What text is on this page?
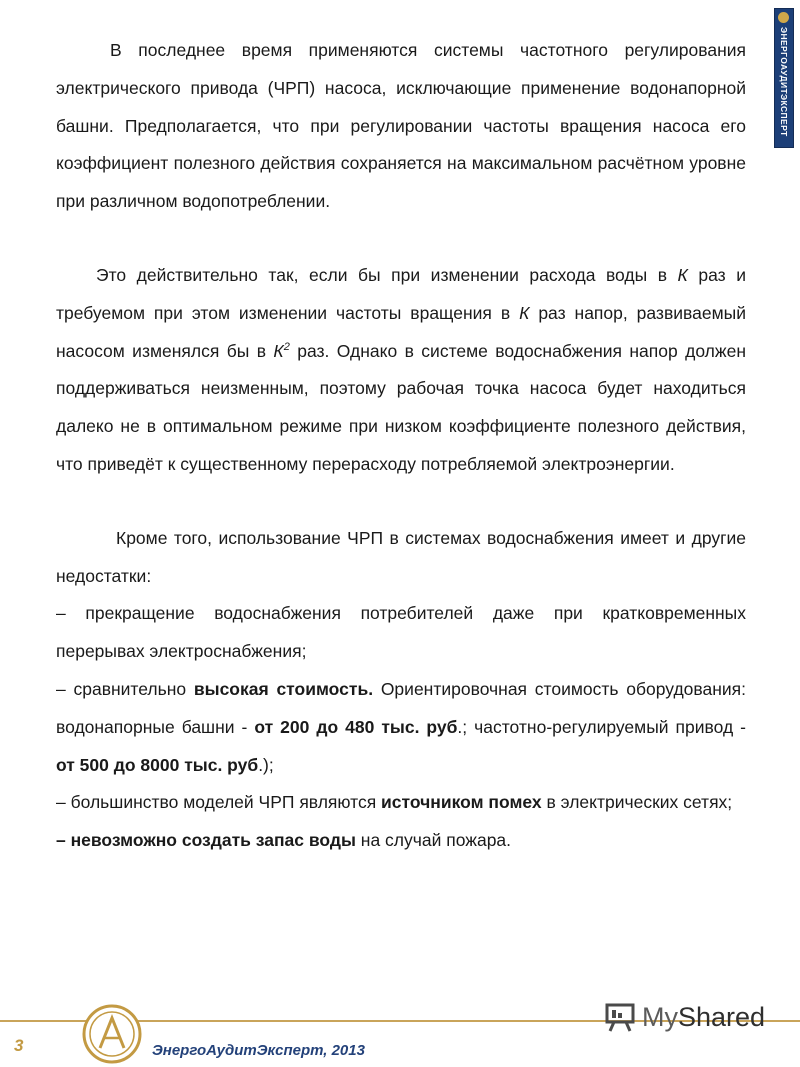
ЭНЕРГОАУДИТЭКСПЕРТ

В последнее время применяются системы частотного регулирования электрического привода (ЧРП) насоса, исключающие применение водонапорной башни. Предполагается, что при регулировании частоты вращения насоса его коэффициент полезного действия сохраняется на максимальном расчётном уровне при различном водопотреблении.

Это действительно так, если бы при изменении расхода воды в К раз и требуемом при этом изменении частоты вращения в К раз напор, развиваемый насосом изменялся бы в $К^2$ раз. Однако в системе водоснабжения напор должен поддерживаться неизменным, поэтому рабочая точка насоса будет находиться далеко не в оптимальном режиме при низком коэффициенте полезного действия, что приведёт к существенному перерасходу потребляемой электроэнергии.

Кроме того, использование ЧРП в системах водоснабжения имеет и другие недостатки:

– прекращение водоснабжения потребителей даже при кратковременных перерывах электроснабжения;

– сравнительно высокая стоимость. Ориентировочная стоимость оборудования: водонапорные башни - от 200 до 480 тыс. руб.; частотно-регулируемый привод - от 500 до 8000 тыс. руб.);

– большинство моделей ЧРП являются источником помех в электрических сетях;

– невозможно создать запас воды на случай пожара.

3	ЭнергоАудитЭксперт, 2013
MyShared
